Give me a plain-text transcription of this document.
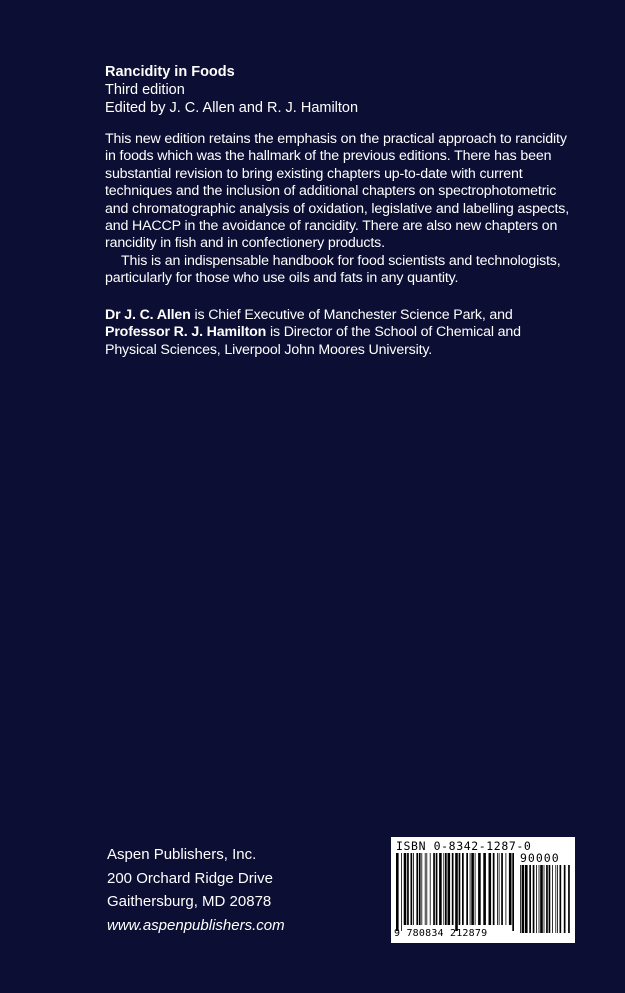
Rancidity in Foods
Third edition
Edited by J. C. Allen and R. J. Hamilton

This new edition retains the emphasis on the practical approach to rancidity in foods which was the hallmark of the previous editions. There has been substantial revision to bring existing chapters up-to-date with current techniques and the inclusion of additional chapters on spectrophotometric and chromatographic analysis of oxidation, legislative and labelling aspects, and HACCP in the avoidance of rancidity. There are also new chapters on rancidity in fish and in confectionery products.

This is an indispensable handbook for food scientists and technologists, particularly for those who use oils and fats in any quantity.

Dr J. C. Allen is Chief Executive of Manchester Science Park, and Professor R. J. Hamilton is Director of the School of Chemical and Physical Sciences, Liverpool John Moores University.
Aspen Publishers, Inc.
200 Orchard Ridge Drive
Gaithersburg, MD 20878
www.aspenpublishers.com
ISBN 0-8342-1287-0
90000
9 780834 212879
